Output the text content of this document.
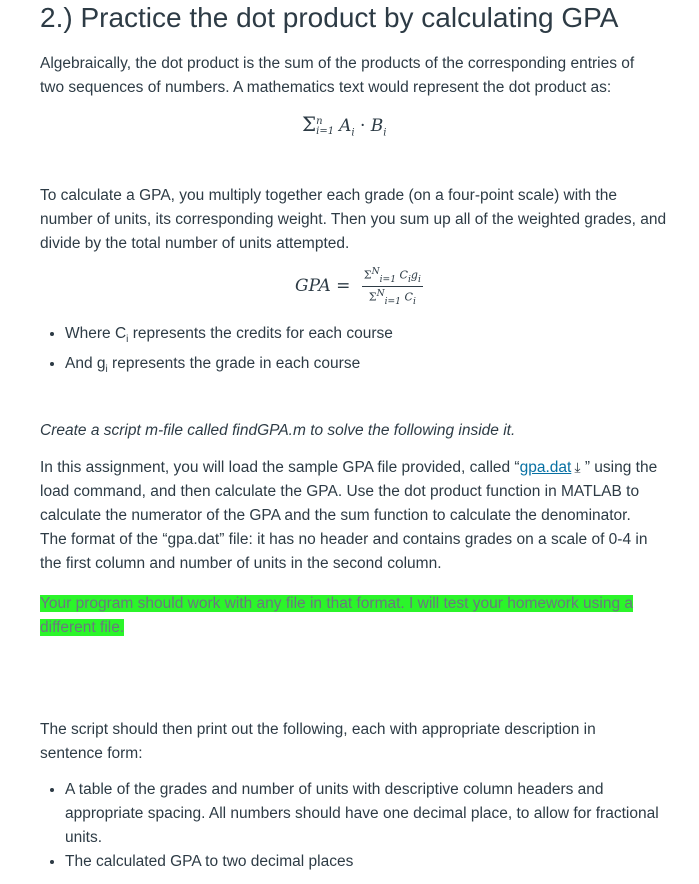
2.) Practice the dot product by calculating GPA

Algebraically, the dot product is the sum of the products of the corresponding entries of
two sequences of numbers. A mathematics text would represent the dot product as:

Σn
i=1 $A_i \cdot B_i$

To calculate a GPA, you multiply together each grade (on a four-point scale) with the
number of units, its corresponding weight. Then you sum up all of the weighted grades, and
divide by the total number of units attempted.

GPA = $\frac{\Sigma^N_{i=1} C_ig_i}{\Sigma^N_{i=1} C_i}$
• Where $C_i$ represents the credits for each course
• And $g_i$ represents the grade in each course

Create a script m-file called findGPA.m to solve the following inside it.

In this assignment, you will load the sample GPA file provided, called “gpa.dat ⤓ ” using the
load command, and then calculate the GPA. Use the dot product function in MATLAB to
calculate the numerator of the GPA and the sum function to calculate the denominator.
The format of the “gpa.dat” file: it has no header and contains grades on a scale of 0-4 in
the first column and number of units in the second column.

Your program should work with any file in that format. I will test your homework using a
different file.

The script should then print out the following, each with appropriate description in
sentence form:

• A table of the grades and number of units with descriptive column headers and
appropriate spacing. All numbers should have one decimal place, to allow for fractional
units.
• The calculated GPA to two decimal places
